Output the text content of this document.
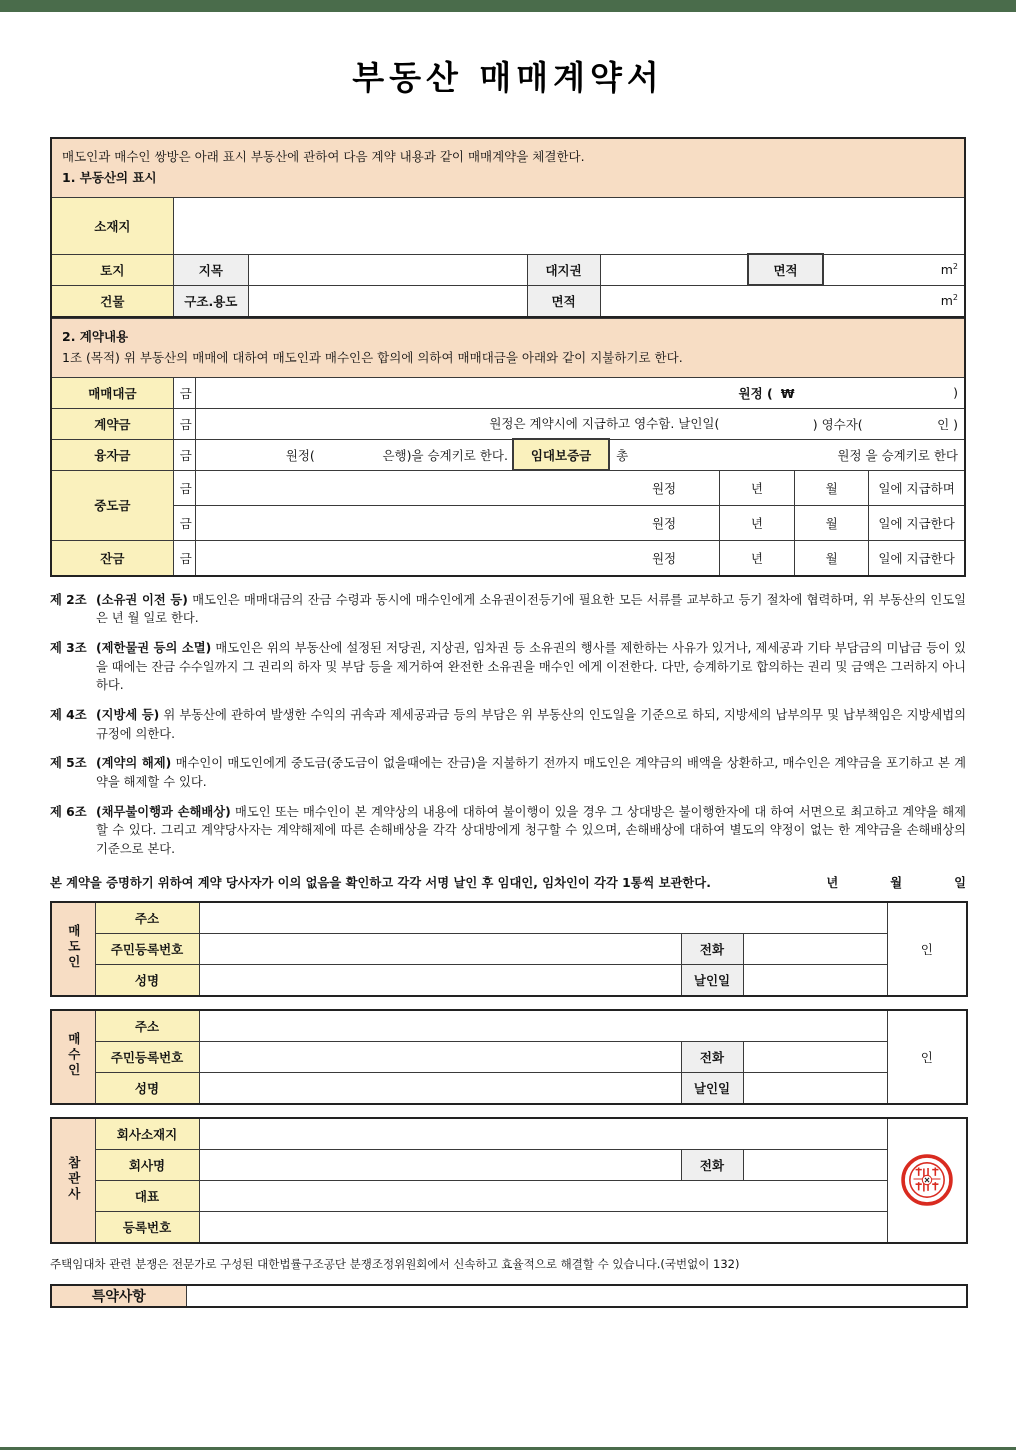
부동산 매매계약서
매도인과 매수인 쌍방은 아래 표시 부동산에 관하여 다음 계약 내용과 같이 매매계약을 체결한다.
1. 부동산의 표시						

소재지						
토지	지목		대지권		면적	$m^2$
건물	구조.용도		면적	$m^2$
2. 계약내용
1조 (목적) 위 부동산의 매매에 대하여 매도인과 매수인은 합의에 의하여 매매대금을 아래와 같이 지불하기로 한다.							

매매대금	금	원정 ( ₩				)	
계약금	금	원정은 계약시에 지급하고 영수함. 날인일(			) 영수자(		인 )
융자금	금	원정( 은행)을 승계키로 한다.	임대보증금	총	원정 을 승계키로 한다		
중도금	금			원정	년	월	일에 지급하며
	금			원정	년	월	일에 지급한다
잔금	금			원정	년	월	일에 지급한다
제 2조 (소유권 이전 등) 매도인은 매매대금의 잔금 수령과 동시에 매수인에게 소유권이전등기에 필요한 모든 서류를 교부하고 등기 절차에 협력하며, 위 부동산의 인도일은 년 월 일로 한다.
제 3조 (제한물권 등의 소멸) 매도인은 위의 부동산에 설정된 저당권, 지상권, 임차권 등 소유권의 행사를 제한하는 사유가 있거나, 제세공과 기타 부담금의 미납금 등이 있을 때에는 잔금 수수일까지 그 권리의 하자 및 부담 등을 제거하여 완전한 소유권을 매수인 에게 이전한다. 다만, 승계하기로 합의하는 권리 및 금액은 그러하지 아니하다.
제 4조 (지방세 등) 위 부동산에 관하여 발생한 수익의 귀속과 제세공과금 등의 부담은 위 부동산의 인도일을 기준으로 하되, 지방세의 납부의무 및 납부책임은 지방세법의 규정에 의한다.
제 5조 (계약의 해제) 매수인이 매도인에게 중도금(중도금이 없을때에는 잔금)을 지불하기 전까지 매도인은 계약금의 배액을 상환하고, 매수인은 계약금을 포기하고 본 계약을 해제할 수 있다.
제 6조 (채무불이행과 손해배상) 매도인 또는 매수인이 본 계약상의 내용에 대하여 불이행이 있을 경우 그 상대방은 불이행한자에 대 하여 서면으로 최고하고 계약을 해제할 수 있다. 그리고 계약당사자는 계약해제에 따른 손해배상을 각각 상대방에게 청구할 수 있으며, 손해배상에 대하여 별도의 약정이 없는 한 계약금을 손해배상의 기준으로 본다.
본 계약을 증명하기 위하여 계약 당사자가 이의 없음을 확인하고 각각 서명 날인 후 임대인, 임차인이 각각 1통씩 보관한다.	년	월	일
매도인	주소				인
	주민등록번호		전화		
	성명		날인일		
매수인	주소				인
	주민등록번호		전화		
	성명		날인일		
참관사	회사소재지		

	회사명		전화		
	대표				
	등록번호				
주택임대차 관련 분쟁은 전문가로 구성된 대한법률구조공단 분쟁조정위원회에서 신속하고 효율적으로 해결할 수 있습니다.(국번없이 132)
특약사항	
